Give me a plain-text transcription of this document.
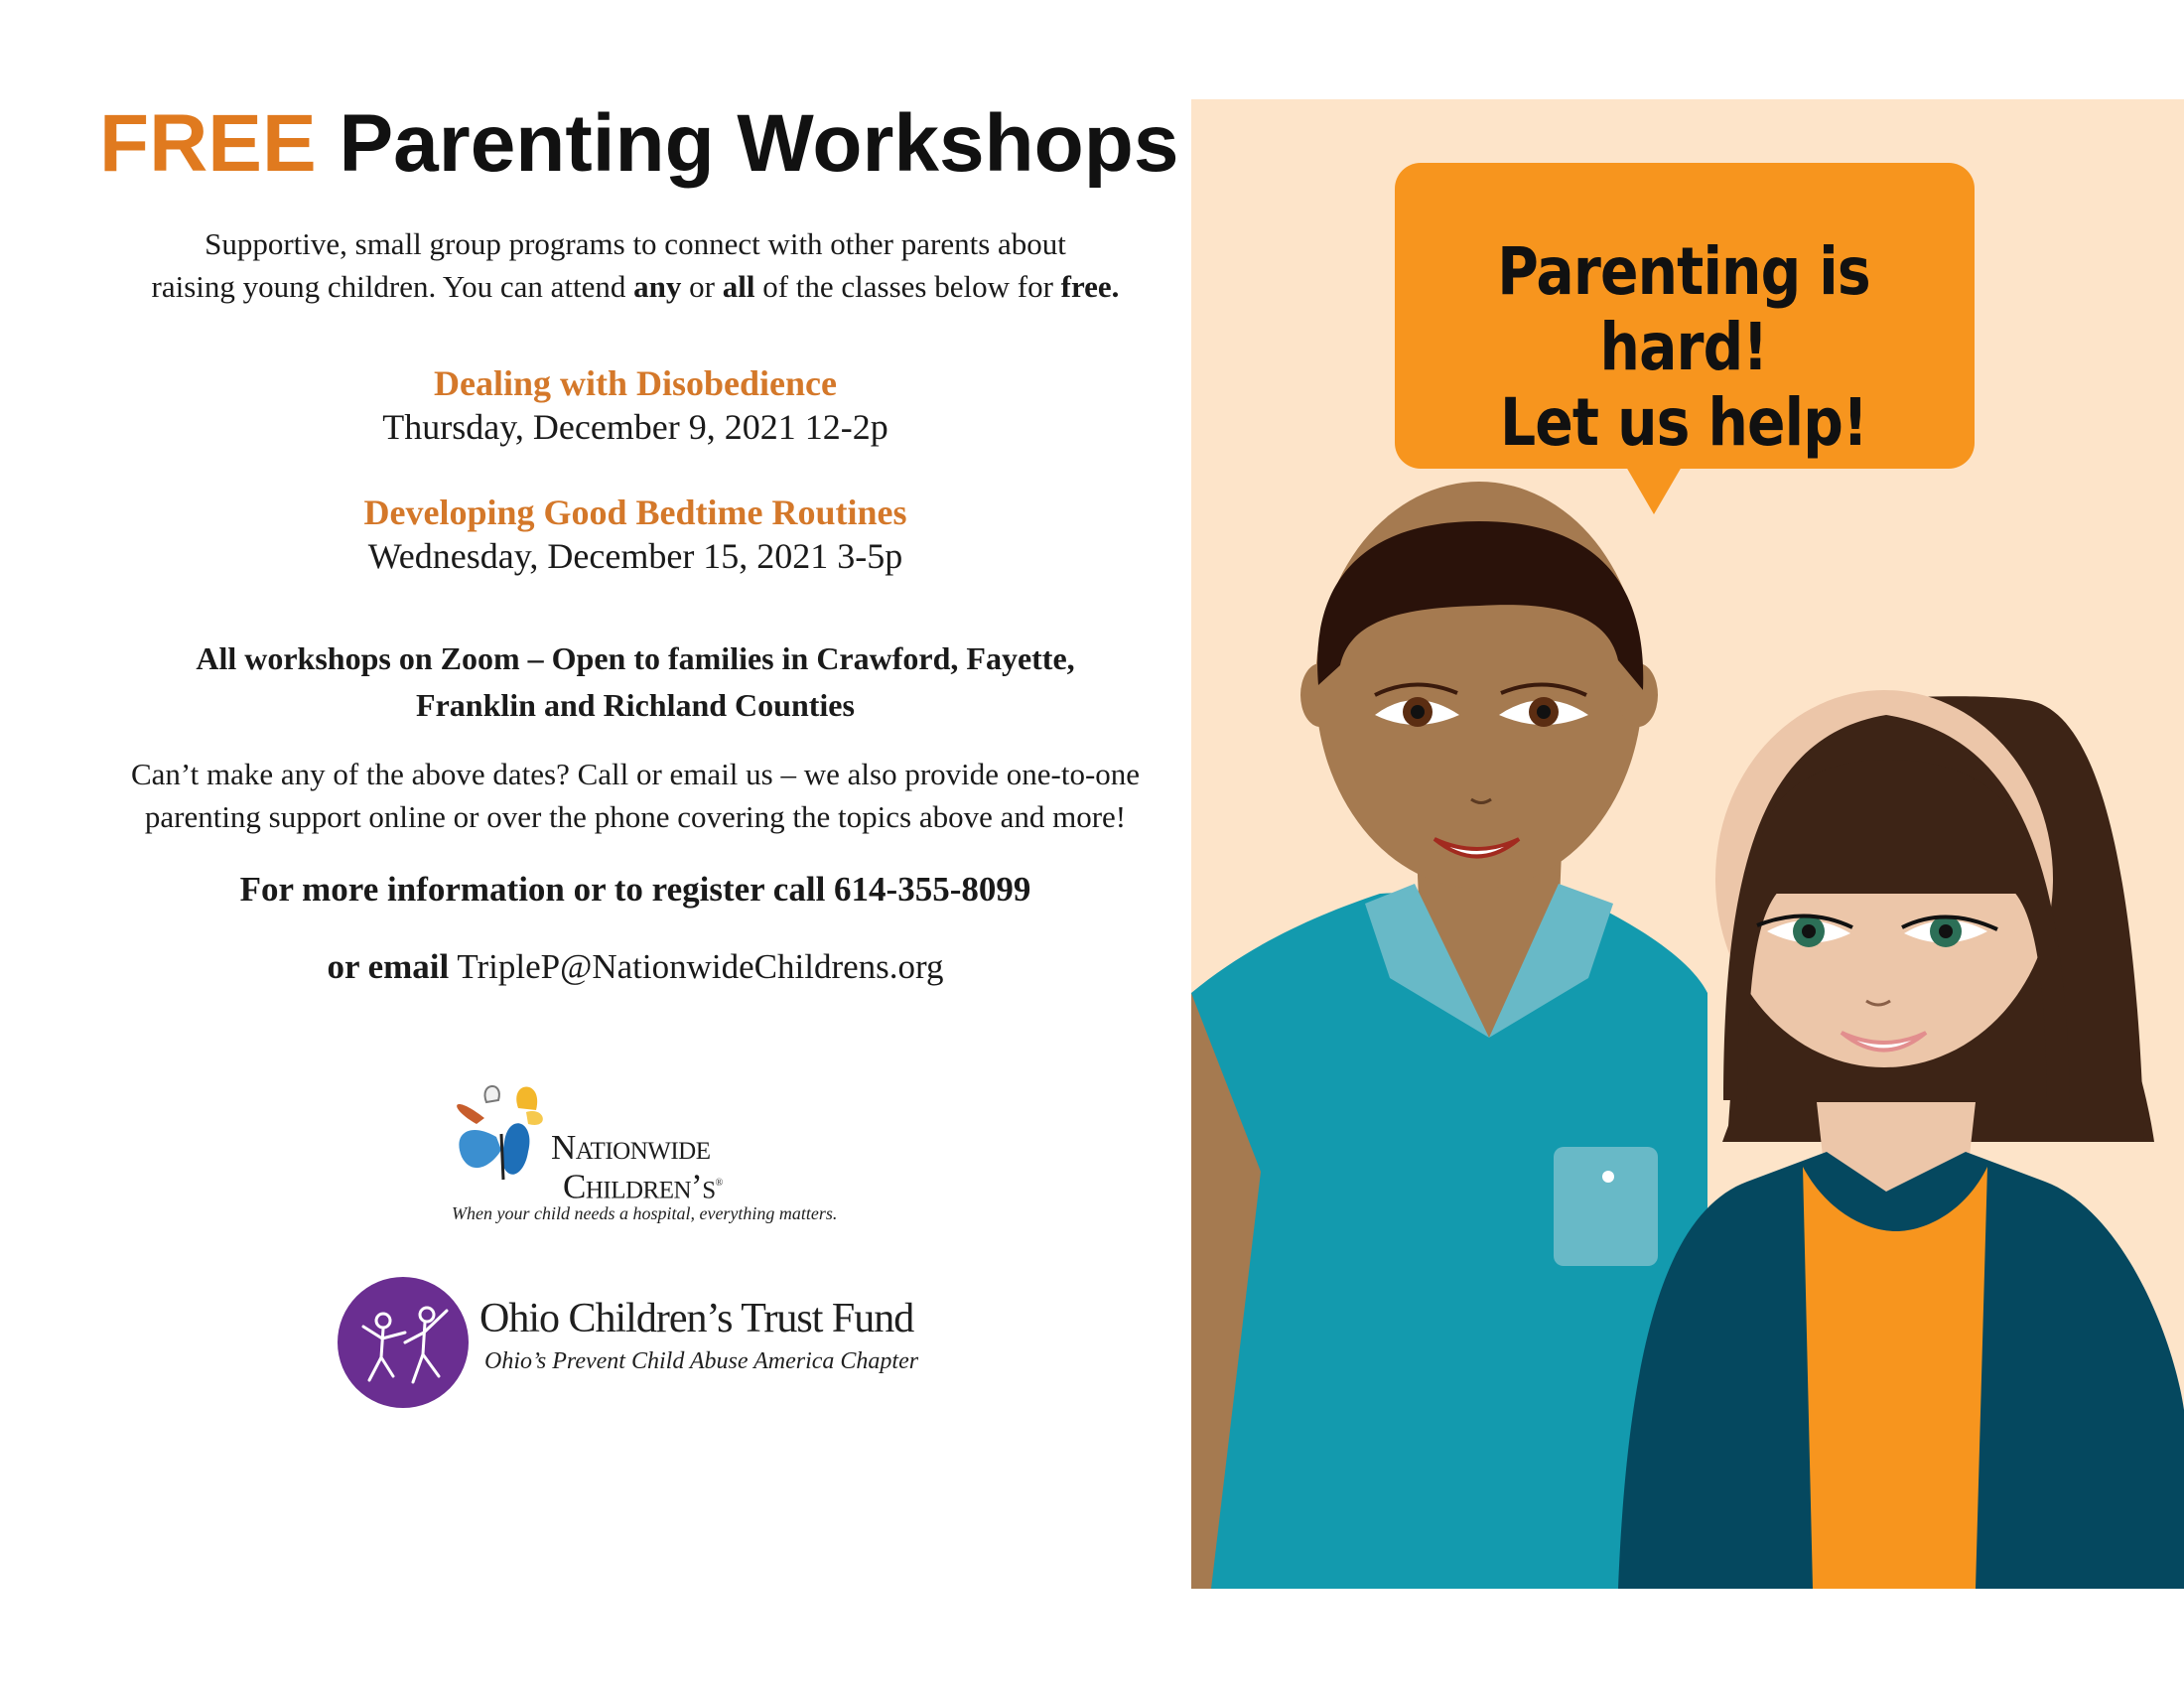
FREE Parenting Workshops
Supportive, small group programs to connect with other parents about
raising young children. You can attend any or all of the classes below for free.
Dealing with Disobedience
Thursday, December 9, 2021 12-2p
Developing Good Bedtime Routines
Wednesday, December 15, 2021 3-5p
All workshops on Zoom – Open to families in Crawford, Fayette,
Franklin and Richland Counties
Can’t make any of the above dates? Call or email us – we also provide one-to-one
parenting support online or over the phone covering the topics above and more!
For more information or to register call 614-355-8099
or email TripleP@NationwideChildrens.org
Nationwide
Children’s®
When your child needs a hospital, everything matters.
Ohio Children’s Trust Fund
Ohio’s Prevent Child Abuse America Chapter
Parenting is hard!
Let us help!
